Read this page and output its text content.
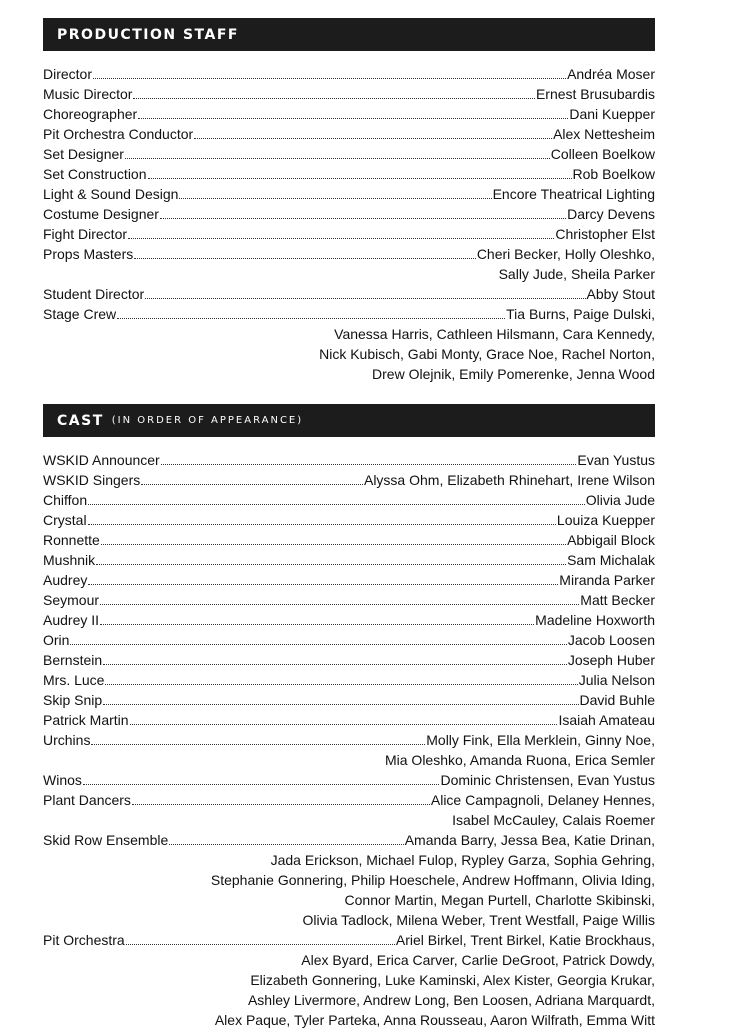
PRODUCTION STAFF
Director	Andréa Moser
Music Director	Ernest Brusubardis
Choreographer	Dani Kuepper
Pit Orchestra Conductor	Alex Nettesheim
Set Designer	Colleen Boelkow
Set Construction	Rob Boelkow
Light & Sound Design	Encore Theatrical Lighting
Costume Designer	Darcy Devens
Fight Director	Christopher Elst
Props Masters	Cheri Becker, Holly Oleshko,
Sally Jude, Sheila Parker
Student Director	Abby Stout
Stage Crew	Tia Burns, Paige Dulski,
Vanessa Harris, Cathleen Hilsmann, Cara Kennedy,
Nick Kubisch, Gabi Monty, Grace Noe, Rachel Norton,
Drew Olejnik, Emily Pomerenke, Jenna Wood
CAST (IN ORDER OF APPEARANCE)
WSKID Announcer	Evan Yustus
WSKID Singers	Alyssa Ohm, Elizabeth Rhinehart, Irene Wilson
Chiffon	Olivia Jude
Crystal	Louiza Kuepper
Ronnette	Abbigail Block
Mushnik	Sam Michalak
Audrey	Miranda Parker
Seymour	Matt Becker
Audrey II	Madeline Hoxworth
Orin	Jacob Loosen
Bernstein	Joseph Huber
Mrs. Luce	Julia Nelson
Skip Snip	David Buhle
Patrick Martin	Isaiah Amateau
Urchins	Molly Fink, Ella Merklein, Ginny Noe,
Mia Oleshko, Amanda Ruona, Erica Semler
Winos	Dominic Christensen, Evan Yustus
Plant Dancers	Alice Campagnoli, Delaney Hennes,
Isabel McCauley, Calais Roemer
Skid Row Ensemble	Amanda Barry, Jessa Bea, Katie Drinan,
Jada Erickson, Michael Fulop, Rypley Garza, Sophia Gehring,
Stephanie Gonnering, Philip Hoeschele, Andrew Hoffmann, Olivia Iding,
Connor Martin, Megan Purtell, Charlotte Skibinski,
Olivia Tadlock, Milena Weber, Trent Westfall, Paige Willis
Pit Orchestra	Ariel Birkel, Trent Birkel, Katie Brockhaus,
Alex Byard, Erica Carver, Carlie DeGroot, Patrick Dowdy,
Elizabeth Gonnering, Luke Kaminski, Alex Kister, Georgia Krukar,
Ashley Livermore, Andrew Long, Ben Loosen, Adriana Marquardt,
Alex Paque, Tyler Parteka, Anna Rousseau, Aaron Wilfrath, Emma Witt
